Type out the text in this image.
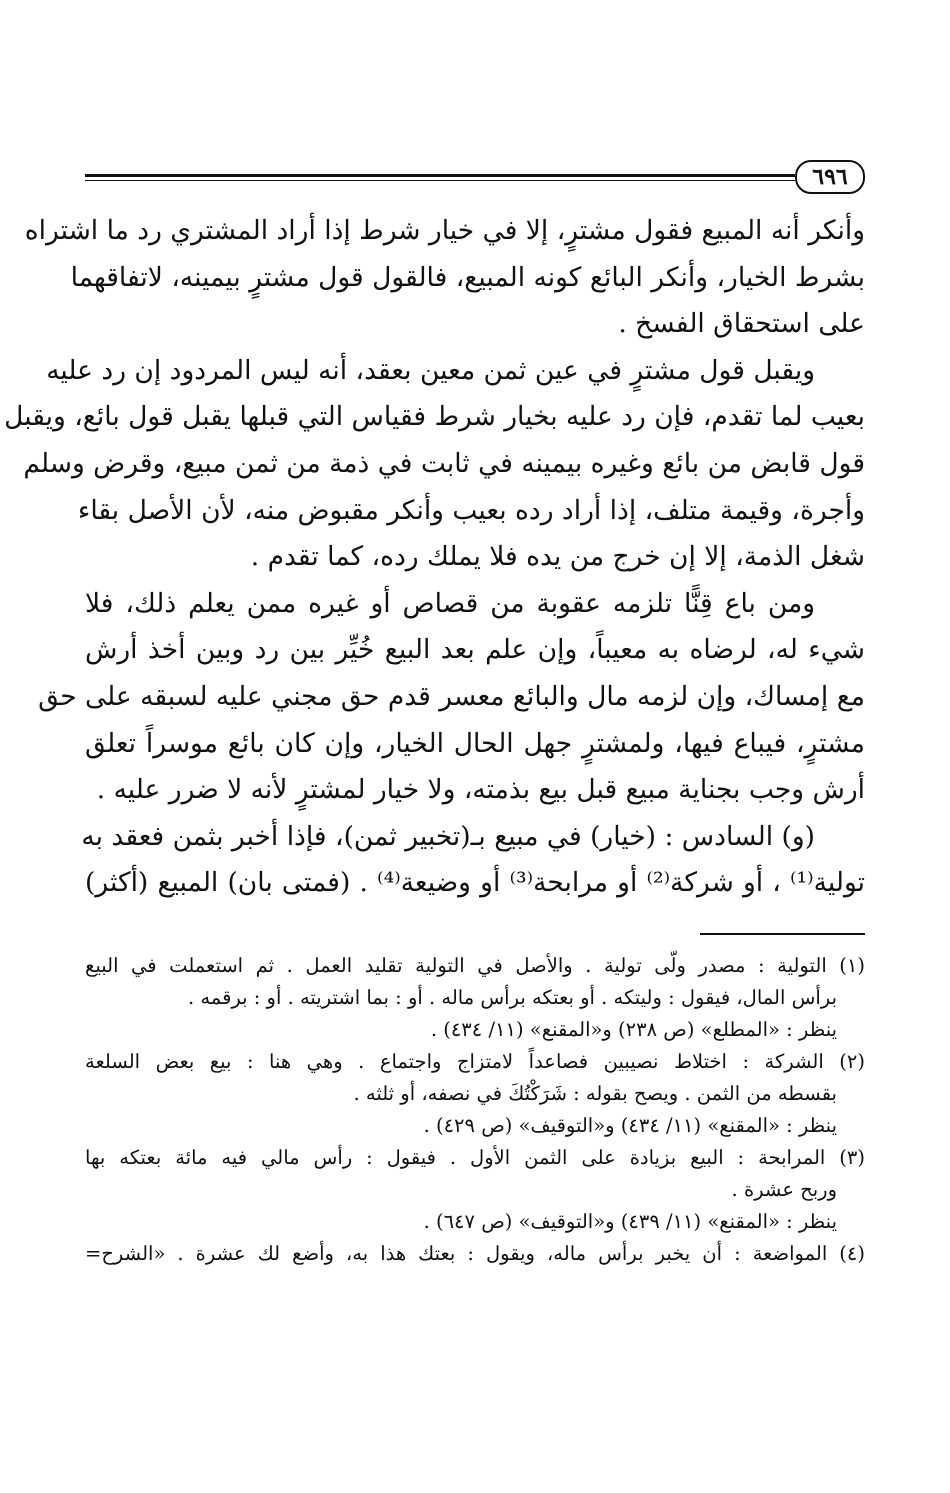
٦٩٦

وأنكر أنه المبيع فقول مشترٍ، إلا في خيار شرط إذا أراد المشتري رد ما اشتراه
بشرط الخيار، وأنكر البائع كونه المبيع، فالقول قول مشترٍ بيمينه، لاتفاقهما
على استحقاق الفسخ .

ويقبل قول مشترٍ في عين ثمن معين بعقد، أنه ليس المردود إن رد عليه
بعيب لما تقدم، فإن رد عليه بخيار شرط فقياس التي قبلها يقبل قول بائع، ويقبل
قول قابض من بائع وغيره بيمينه في ثابت في ذمة من ثمن مبيع، وقرض وسلم
وأجرة، وقيمة متلف، إذا أراد رده بعيب وأنكر مقبوض منه، لأن الأصل بقاء
شغل الذمة، إلا إن خرج من يده فلا يملك رده، كما تقدم .

ومن باع قِنًّا تلزمه عقوبة من قصاص أو غيره ممن يعلم ذلك، فلا
شيء له، لرضاه به معيباً، وإن علم بعد البيع خُيِّر بين رد وبين أخذ أرش
مع إمساك، وإن لزمه مال والبائع معسر قدم حق مجني عليه لسبقه على حق
مشترٍ، فيباع فيها، ولمشترٍ جهل الحال الخيار، وإن كان بائع موسراً تعلق
أرش وجب بجناية مبيع قبل بيع بذمته، ولا خيار لمشترٍ لأنه لا ضرر عليه .

(و) السادس : (خيار) في مبيع بـ(تخبير ثمن)، فإذا أخبر بثمن فعقد به
تولية⁽¹⁾ ، أو شركة⁽²⁾ أو مرابحة⁽³⁾ أو وضيعة⁽⁴⁾ . (فمتى بان) المبيع (أكثر)

(١) التولية : مصدر ولّى تولية . والأصل في التولية تقليد العمل . ثم استعملت في البيع
برأس المال، فيقول : وليتكه . أو بعتكه برأس ماله . أو : بما اشتريته . أو : برقمه .
ينظر : «المطلع» (ص ٢٣٨) و«المقنع» (١١/ ٤٣٤) .
(٢) الشركة : اختلاط نصيبين فصاعداً لامتزاج واجتماع . وهي هنا : بيع بعض السلعة
بقسطه من الثمن . ويصح بقوله : شَرَكْتُكَ في نصفه، أو ثلثه .
ينظر : «المقنع» (١١/ ٤٣٤) و«التوقيف» (ص ٤٢٩) .
(٣) المرابحة : البيع بزيادة على الثمن الأول . فيقول : رأس مالي فيه مائة بعتكه بها
وربح عشرة .
ينظر : «المقنع» (١١/ ٤٣٩) و«التوقيف» (ص ٦٤٧) .
(٤) المواضعة : أن يخبر برأس ماله، ويقول : بعتك هذا به، وأضع لك عشرة . «الشرح=
